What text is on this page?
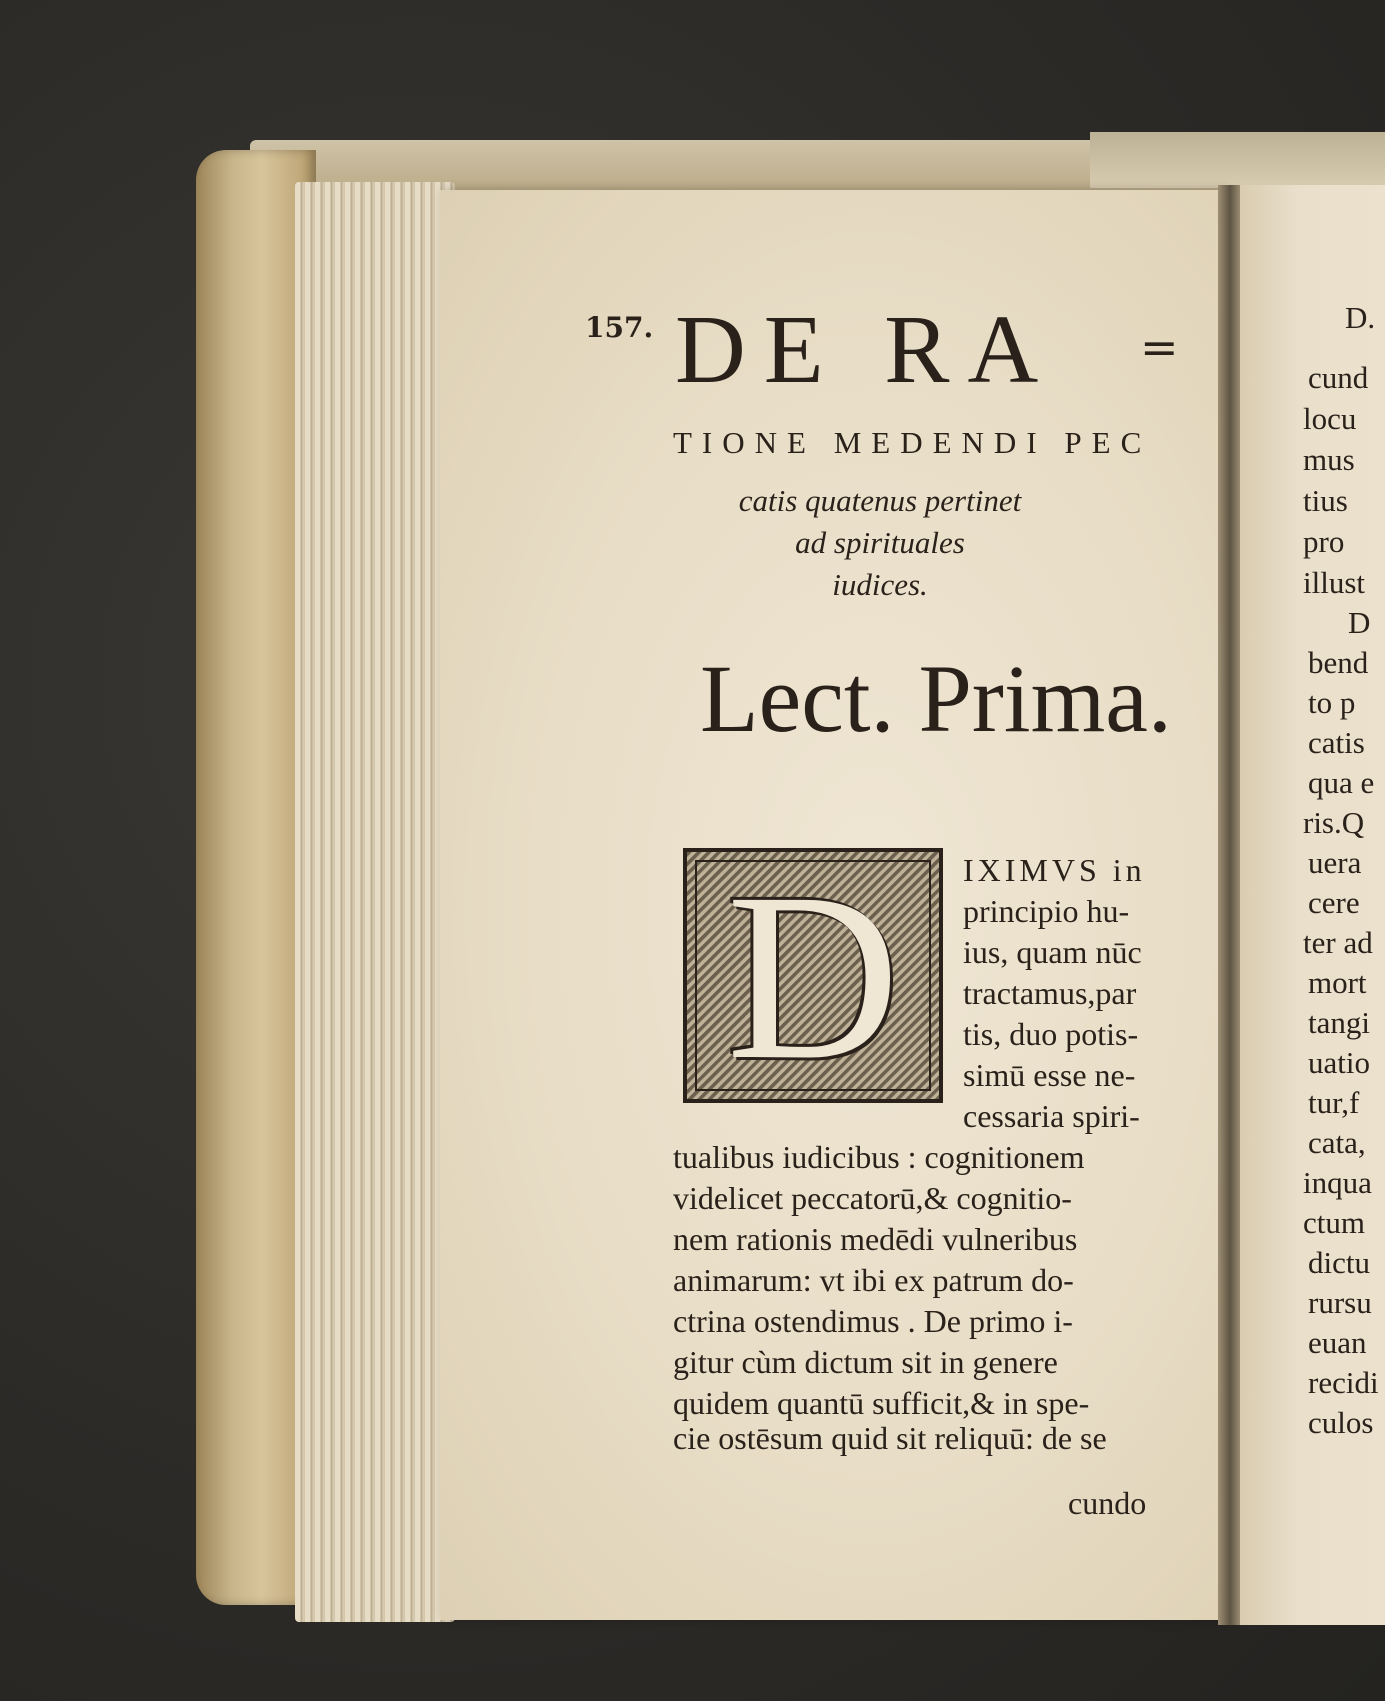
157. DE RA =

TIONE MEDENDI PEC

catis quatenus pertinet

ad spirituales

iudices.

Lect. Prima.

D	IXIMVS in

principio hu-

ius, quam nūc

tractamus,par

tis, duo potis-

simū esse ne-

cessaria spiri-

tualibus iudicibus : cognitionem

videlicet peccatorū,& cognitio-

nem rationis medēdi vulneribus

animarum: vt ibi ex patrum do-

ctrina ostendimus . De primo i-

gitur cùm dictum sit in genere

quidem quantū sufficit,& in spe-

cie ostēsum quid sit reliquū: de se

cundo

D.

cund

locu

mus

tius

pro

illust

D

bend

to p

catis

qua e

ris.Q

uera

cere

ter ad

mort

tangi

uatio

tur,f

cata,

inqua

ctum

dictu

rursu

euan

recidi

culos
